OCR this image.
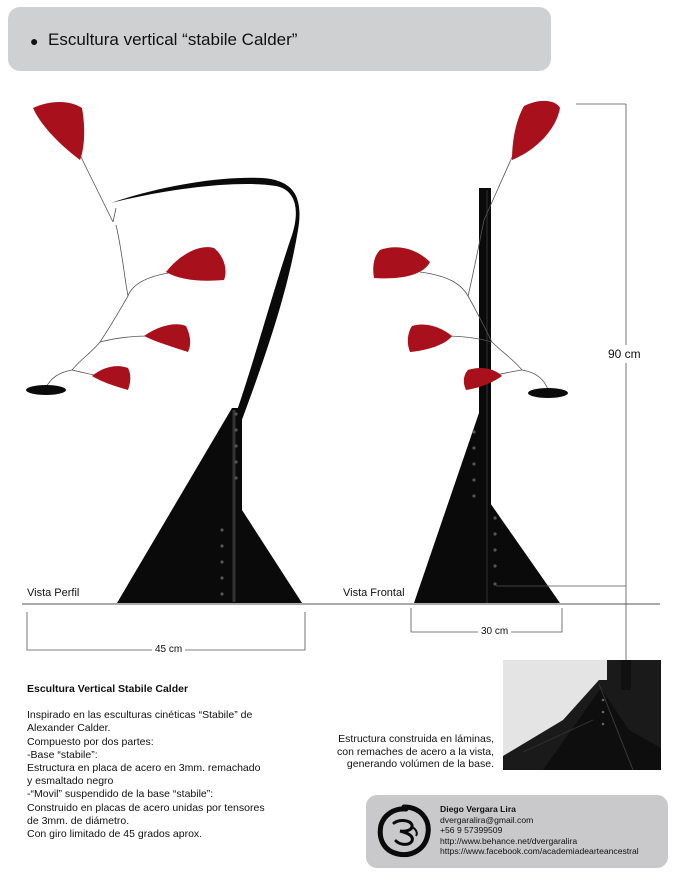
● Escultura vertical “stabile Calder”
Vista Perfil	Vista Frontal
45 cm
30 cm
90 cm
Escultura Vertical Stabile Calder
Inspirado en las esculturas cinéticas “Stabile” de
Alexander Calder.
Compuesto por dos partes:
-Base “stabile”:
Estructura en placa de acero en 3mm. remachado
y esmaltado negro
-“Movil” suspendido de la base “stabile”:
Construido en placas de acero unidas por tensores
de 3mm. de diámetro.
Con giro limitado de 45 grados aprox.
Estructura construida en láminas,
con remaches de acero a la vista,
generando volúmen de la base.
Diego Vergara Lira
dvergaralira@gmail.com
+56 9 57399509
http://www.behance.net/dvergaralira
https://www.facebook.com/academiadearteancestral
